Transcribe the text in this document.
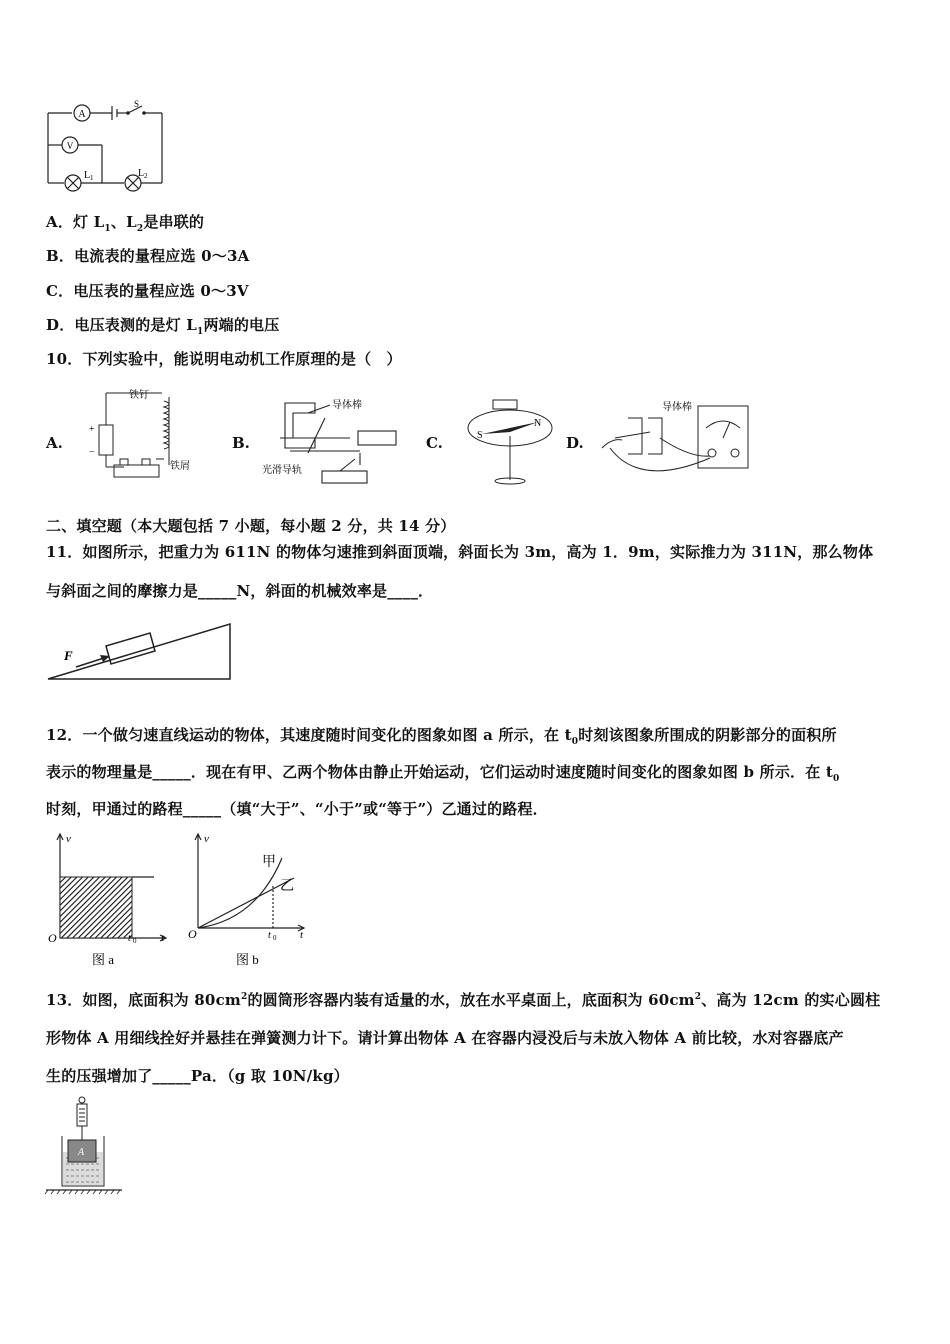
A
V
S
L 1	L 2
A．灯 $L_1$、$L_2$是串联的
B．电流表的量程应选 0～3A
C．电压表的量程应选 0～3V
D．电压表测的是灯 $L_1$两端的电压
10．下列实验中，能说明电动机工作原理的是（　）
A.
铁钉
铁屑
+
−
B.
导体棒
光滑导轨
C.	S
N
D.
导体棒
二、填空题（本大题包括 7 小题，每小题 2 分，共 14 分）
11．如图所示，把重力为 611N 的物体匀速推到斜面顶端，斜面长为 3m，高为 1．9m，实际推力为 311N，那么物体
与斜面之间的摩擦力是_____N，斜面的机械效率是____．
F
12．一个做匀速直线运动的物体，其速度随时间变化的图象如图 a 所示，在 $t_0$时刻该图象所围成的阴影部分的面积所
表示的物理量是_____．现在有甲、乙两个物体由静止开始运动，它们运动时速度随时间变化的图象如图 b 所示．在 $t_0$
时刻，甲通过的路程_____（填“大于”、“小于”或“等于”）乙通过的路程．
v
O	t 0 t
图 a
v
O	t 0 t
甲
乙
图 b
13．如图，底面积为 $80cm^2$的圆筒形容器内装有适量的水，放在水平桌面上，底面积为 $60cm^2$、高为 12cm 的实心圆柱
形物体 A 用细线拴好并悬挂在弹簧测力计下。请计算出物体 A 在容器内浸没后与未放入物体 A 前比较，水对容器底产
生的压强增加了_____Pa．（g 取 10N/kg）
A
